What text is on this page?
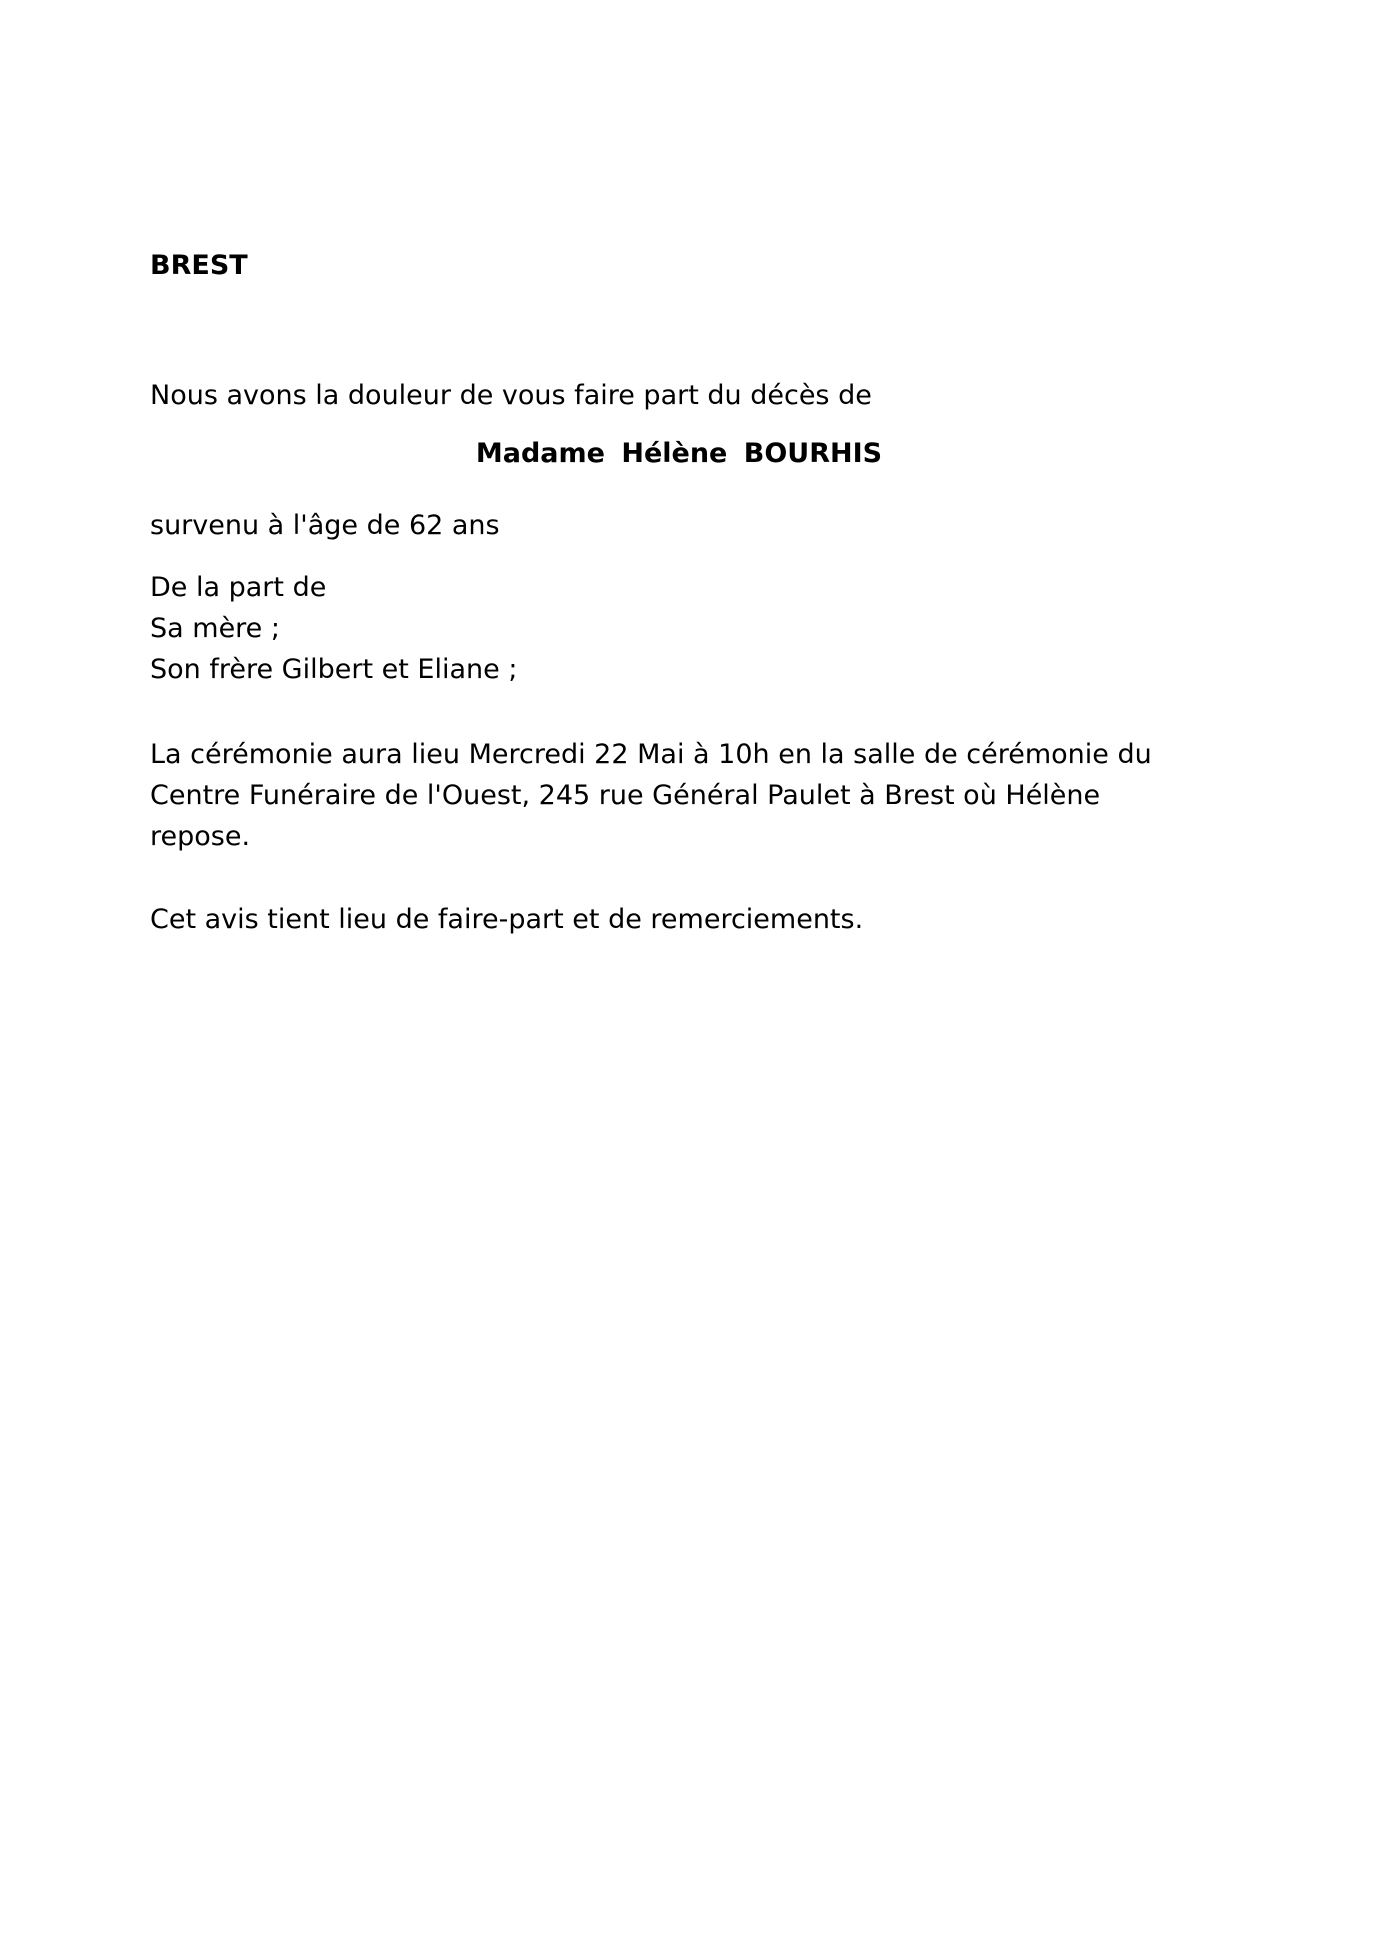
BREST

Nous avons la douleur de vous faire part du décès de

Madame Hélène BOURHIS

survenu à l'âge de 62 ans

De la part de
Sa mère ;
Son frère Gilbert et Eliane ;
La cérémonie aura lieu Mercredi 22 Mai à 10h en la salle de cérémonie du
Centre Funéraire de l'Ouest, 245 rue Général Paulet à Brest où Hélène
repose.

Cet avis tient lieu de faire-part et de remerciements.
